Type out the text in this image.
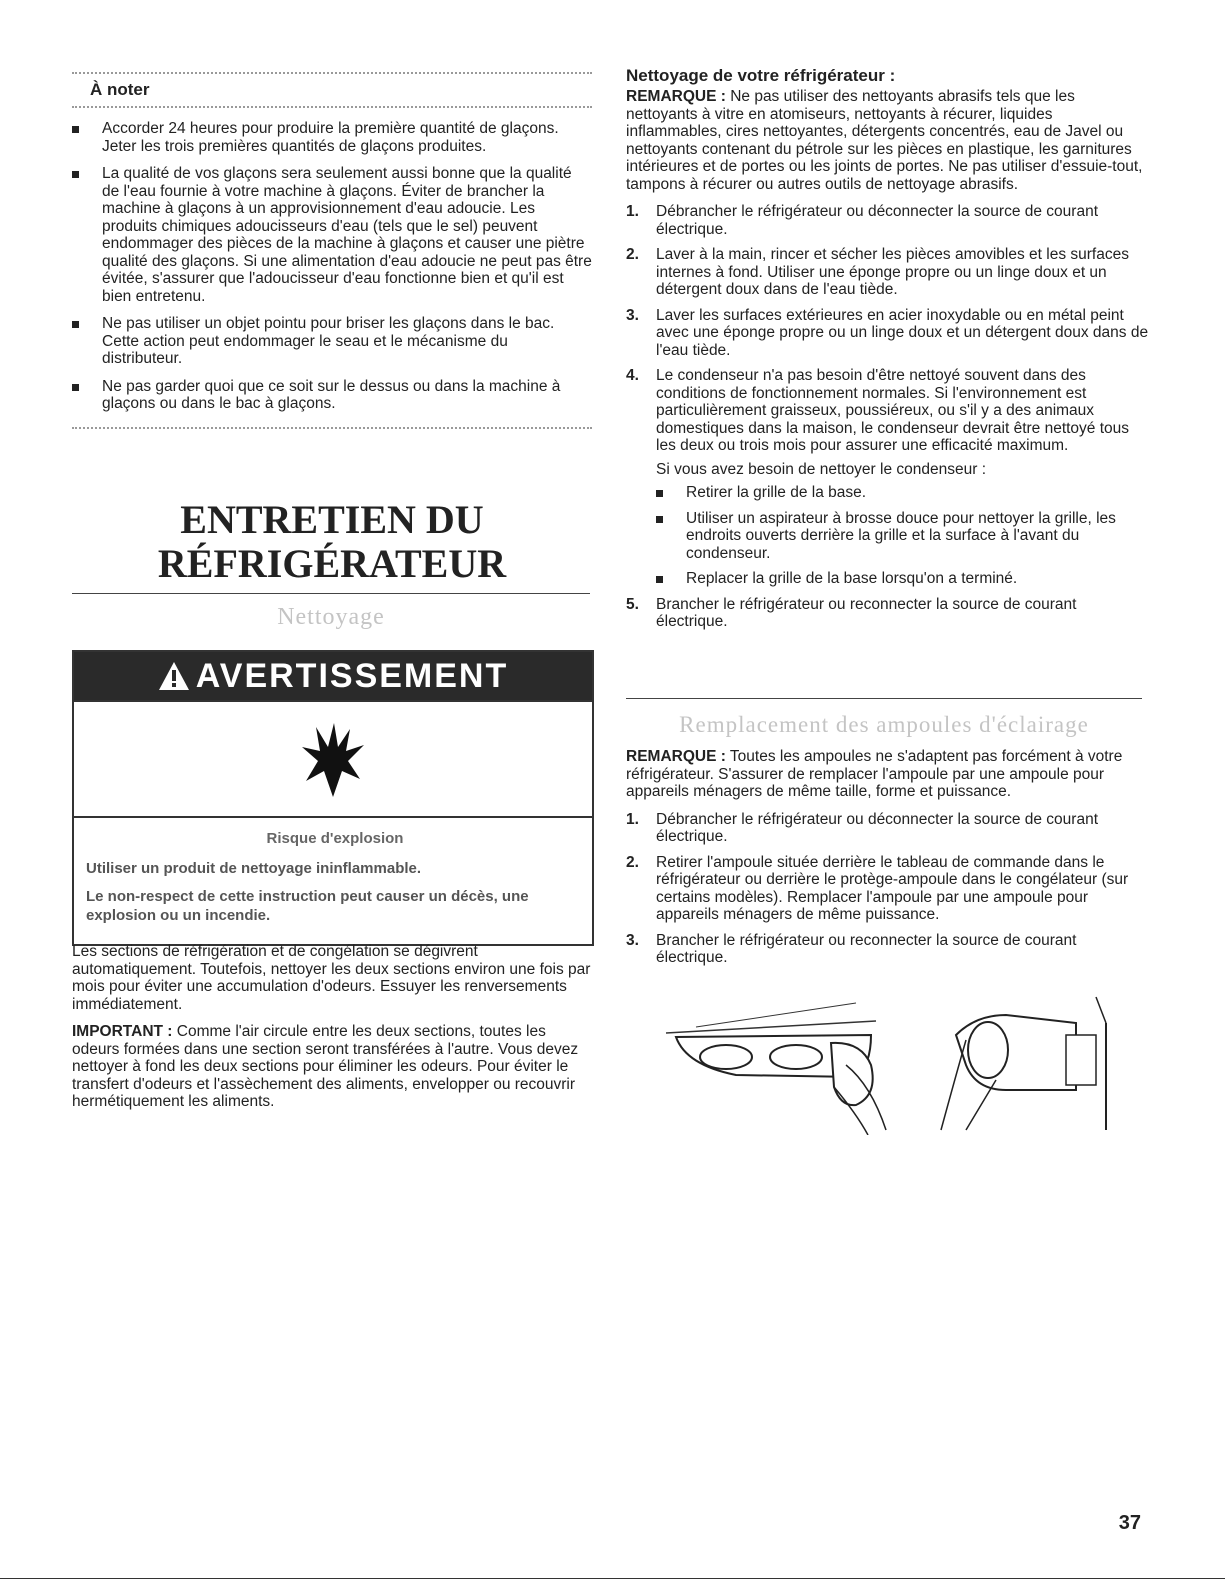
À noter
Accorder 24 heures pour produire la première quantité de glaçons. Jeter les trois premières quantités de glaçons produites.
La qualité de vos glaçons sera seulement aussi bonne que la qualité de l'eau fournie à votre machine à glaçons. Éviter de brancher la machine à glaçons à un approvisionnement d'eau adoucie. Les produits chimiques adoucisseurs d'eau (tels que le sel) peuvent endommager des pièces de la machine à glaçons et causer une piètre qualité des glaçons. Si une alimentation d'eau adoucie ne peut pas être évitée, s'assurer que l'adoucisseur d'eau fonctionne bien et qu'il est bien entretenu.
Ne pas utiliser un objet pointu pour briser les glaçons dans le bac. Cette action peut endommager le seau et le mécanisme du distributeur.
Ne pas garder quoi que ce soit sur le dessus ou dans la machine à glaçons ou dans le bac à glaçons.
ENTRETIEN DU
RÉFRIGÉRATEUR
Nettoyage
AVERTISSEMENT
Risque d'explosion

Utiliser un produit de nettoyage ininflammable.

Le non-respect de cette instruction peut causer un décès, une explosion ou un incendie.

Les sections de réfrigération et de congélation se dégivrent automatiquement. Toutefois, nettoyer les deux sections environ une fois par mois pour éviter une accumulation d'odeurs. Essuyer les renversements immédiatement.

IMPORTANT : Comme l'air circule entre les deux sections, toutes les odeurs formées dans une section seront transférées à l'autre. Vous devez nettoyer à fond les deux sections pour éliminer les odeurs. Pour éviter le transfert d'odeurs et l'assèchement des aliments, envelopper ou recouvrir hermétiquement les aliments.

Nettoyage de votre réfrigérateur :

REMARQUE : Ne pas utiliser des nettoyants abrasifs tels que les nettoyants à vitre en atomiseurs, nettoyants à récurer, liquides inflammables, cires nettoyantes, détergents concentrés, eau de Javel ou nettoyants contenant du pétrole sur les pièces en plastique, les garnitures intérieures et de portes ou les joints de portes. Ne pas utiliser d'essuie-tout, tampons à récurer ou autres outils de nettoyage abrasifs.

1. Débrancher le réfrigérateur ou déconnecter la source de courant électrique.
2. Laver à la main, rincer et sécher les pièces amovibles et les surfaces internes à fond. Utiliser une éponge propre ou un linge doux et un détergent doux dans de l'eau tiède.
3. Laver les surfaces extérieures en acier inoxydable ou en métal peint avec une éponge propre ou un linge doux et un détergent doux dans de l'eau tiède.
4. Le condenseur n'a pas besoin d'être nettoyé souvent dans des conditions de fonctionnement normales. Si l'environnement est particulièrement graisseux, poussiéreux, ou s'il y a des animaux domestiques dans la maison, le condenseur devrait être nettoyé tous les deux ou trois mois pour assurer une efficacité maximum.
Si vous avez besoin de nettoyer le condenseur :
Retirer la grille de la base.
Utiliser un aspirateur à brosse douce pour nettoyer la grille, les endroits ouverts derrière la grille et la surface à l'avant du condenseur.
Replacer la grille de la base lorsqu'on a terminé.
5. Brancher le réfrigérateur ou reconnecter la source de courant électrique.
Remplacement des ampoules d'éclairage

REMARQUE : Toutes les ampoules ne s'adaptent pas forcément à votre réfrigérateur. S'assurer de remplacer l'ampoule par une ampoule pour appareils ménagers de même taille, forme et puissance.

1. Débrancher le réfrigérateur ou déconnecter la source de courant électrique.
2. Retirer l'ampoule située derrière le tableau de commande dans le réfrigérateur ou derrière le protège-ampoule dans le congélateur (sur certains modèles). Remplacer l'ampoule par une ampoule pour appareils ménagers de même puissance.
3. Brancher le réfrigérateur ou reconnecter la source de courant électrique.
37
